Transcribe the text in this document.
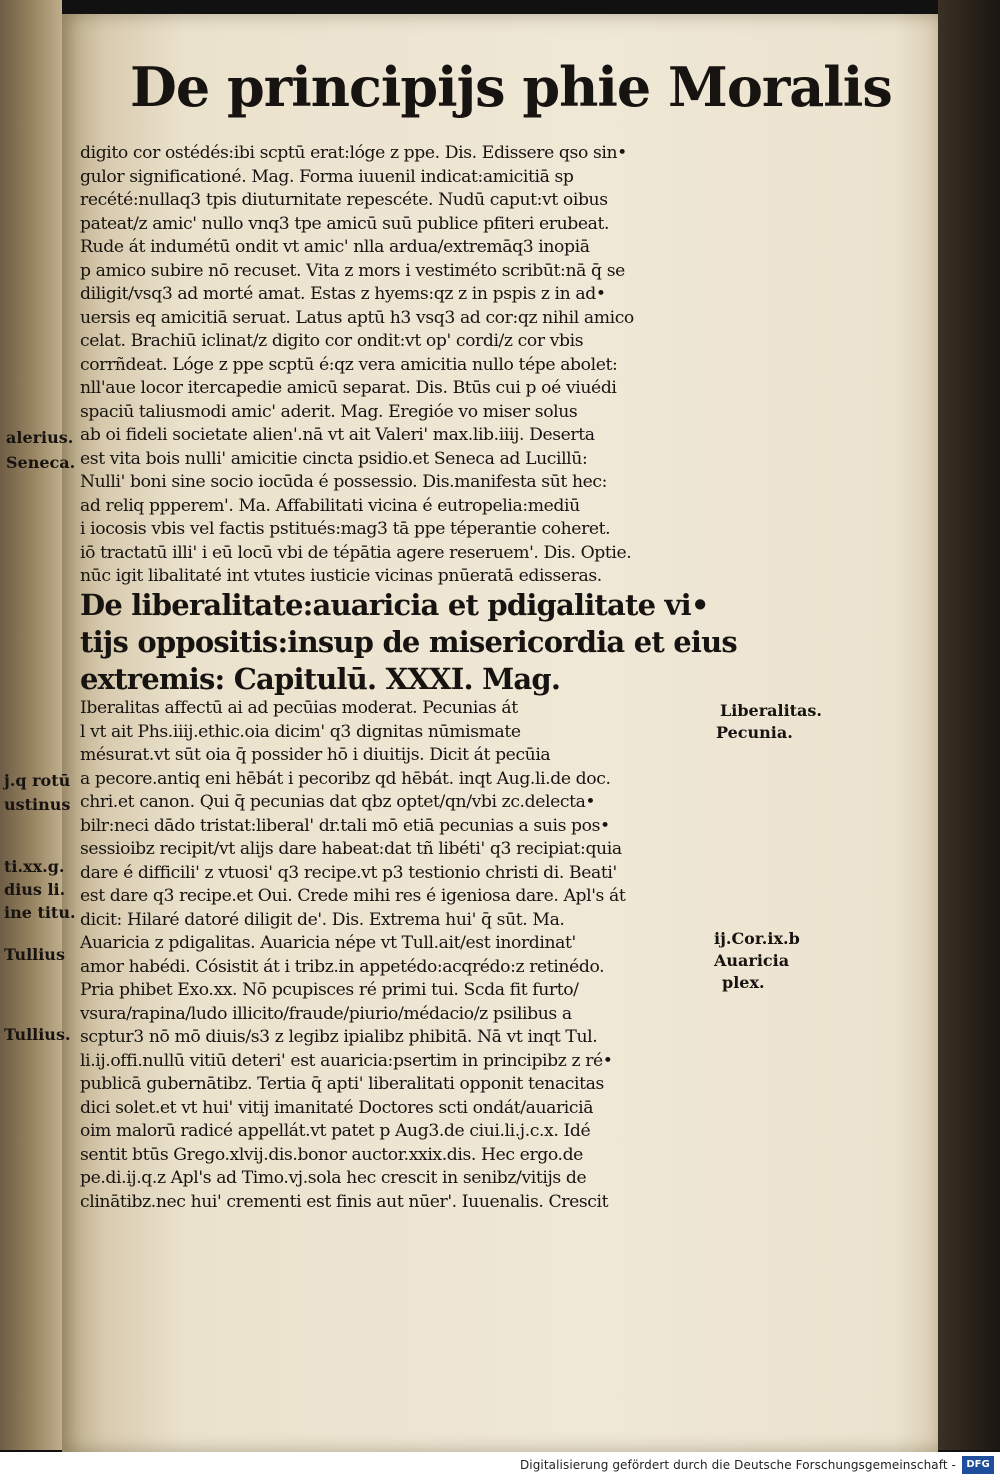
De principijs phie Moralis
digito cor ostédés:ibi scptū erat:lóge z ppe. Dis. Edissere qso sin•
gulor significationé. Mag. Forma iuuenil indicat:amicitiā sp
recété:nullaq3 tpis diuturnitate repescéte. Nudū caput:vt oibus
pateat/z amic' nullo vnq3 tpe amicū suū publice pfiteri erubeat.
Rude át indumétū ondit vt amic' nlla ardua/extremāq3 inopiā
p amico subire nō recuset. Vita z mors i vestiméto scribūt:nā q̄ se
diligit/vsq3 ad morté amat. Estas z hyems:qz z in pspis z in ad•
uersis eq amicitiā seruat. Latus aptū h3 vsq3 ad cor:qz nihil amico
celat. Brachiū iclinat/z digito cor ondit:vt op' cordi/z cor vbis
corrñdeat. Lóge z ppe scptū é:qz vera amicitia nullo tépe abolet:
nll'aue locor itercapedie amicū separat. Dis. Btūs cui p oé viuédi
spaciū taliusmodi amic' aderit. Mag. Eregióe vo miser solus
ab oi fideli societate alien'.nā vt ait Valeri' max.lib.iiij. Deserta
est vita bois nulli' amicitie cincta psidio.et Seneca ad Lucillū:
Nulli' boni sine socio iocūda é possessio. Dis.manifesta sūt hec:
ad reliq ppperem'. Ma. Affabilitati vicina é eutropelia:mediū
i iocosis vbis vel factis pstitués:mag3 tā ppe téperantie coheret.
iō tractatū illi' i eū locū vbi de tépātia agere reseruem'. Dis. Optie.
nūc igit libalitaté int vtutes iusticie vicinas pnūeratā edisseras.
De liberalitate:auaricia et pdigalitate vi•
tijs oppositis:insup de misericordia et eius
extremis: Capitulū. XXXI. Mag.
Iberalitas affectū ai ad pecūias moderat. Pecunias át
l vt ait Phs.iiij.ethic.oia dicim' q3 dignitas nūmismate
mésurat.vt sūt oia q̄ possider hō i diuitijs. Dicit át pecūia
a pecore.antiq eni hēbát i pecoribz qd hēbát. inqt Aug.li.de doc.
chri.et canon. Qui q̄ pecunias dat qbz optet/qn/vbi zc.delecta•
bilr:neci dādo tristat:liberal' dr.tali mō etiā pecunias a suis pos•
sessioibz recipit/vt alijs dare habeat:dat tñ libéti' q3 recipiat:quia
dare é difficili' z vtuosi' q3 recipe.vt p3 testionio christi di. Beati'
est dare q3 recipe.et Oui. Crede mihi res é igeniosa dare. Apl's át
dicit: Hilaré datoré diligit de'. Dis. Extrema hui' q̄ sūt. Ma.
Auaricia z pdigalitas. Auaricia népe vt Tull.ait/est inordinat'
amor habédi. Cósistit át i tribz.in appetédo:acqrédo:z retinédo.
Pria phibet Exo.xx. Nō pcupisces ré primi tui. Scda fit furto/
vsura/rapina/ludo illicito/fraude/piurio/médacio/z psilibus a
scptur3 nō mō diuis/s3 z legibz ipialibz phibitā. Nā vt inqt Tul.
li.ij.offi.nullū vitiū deteri' est auaricia:psertim in principibz z ré•
publicā gubernātibz. Tertia q̄ apti' liberalitati opponit tenacitas
dici solet.et vt hui' vitij imanitaté Doctores scti ondát/auariciā
oim malorū radicé appellát.vt patet p Aug3.de ciui.li.j.c.x. Idé
sentit btūs Grego.xlvij.dis.bonor auctor.xxix.dis. Hec ergo.de
pe.di.ij.q.z Apl's ad Timo.vj.sola hec crescit in senibz/vitijs de
clinātibz.nec hui' crementi est finis aut nūer'. Iuuenalis. Crescit
alerius.
Seneca.
j.q rotū
ustinus
ti.xx.g.
dius li.
ine titu.
Tullius
Tullius.
Liberalitas.
Pecunia.
ij.Cor.ix.b
Auaricia
plex.
Digitalisierung gefördert durch die Deutsche Forschungsgemeinschaft -	DFG
